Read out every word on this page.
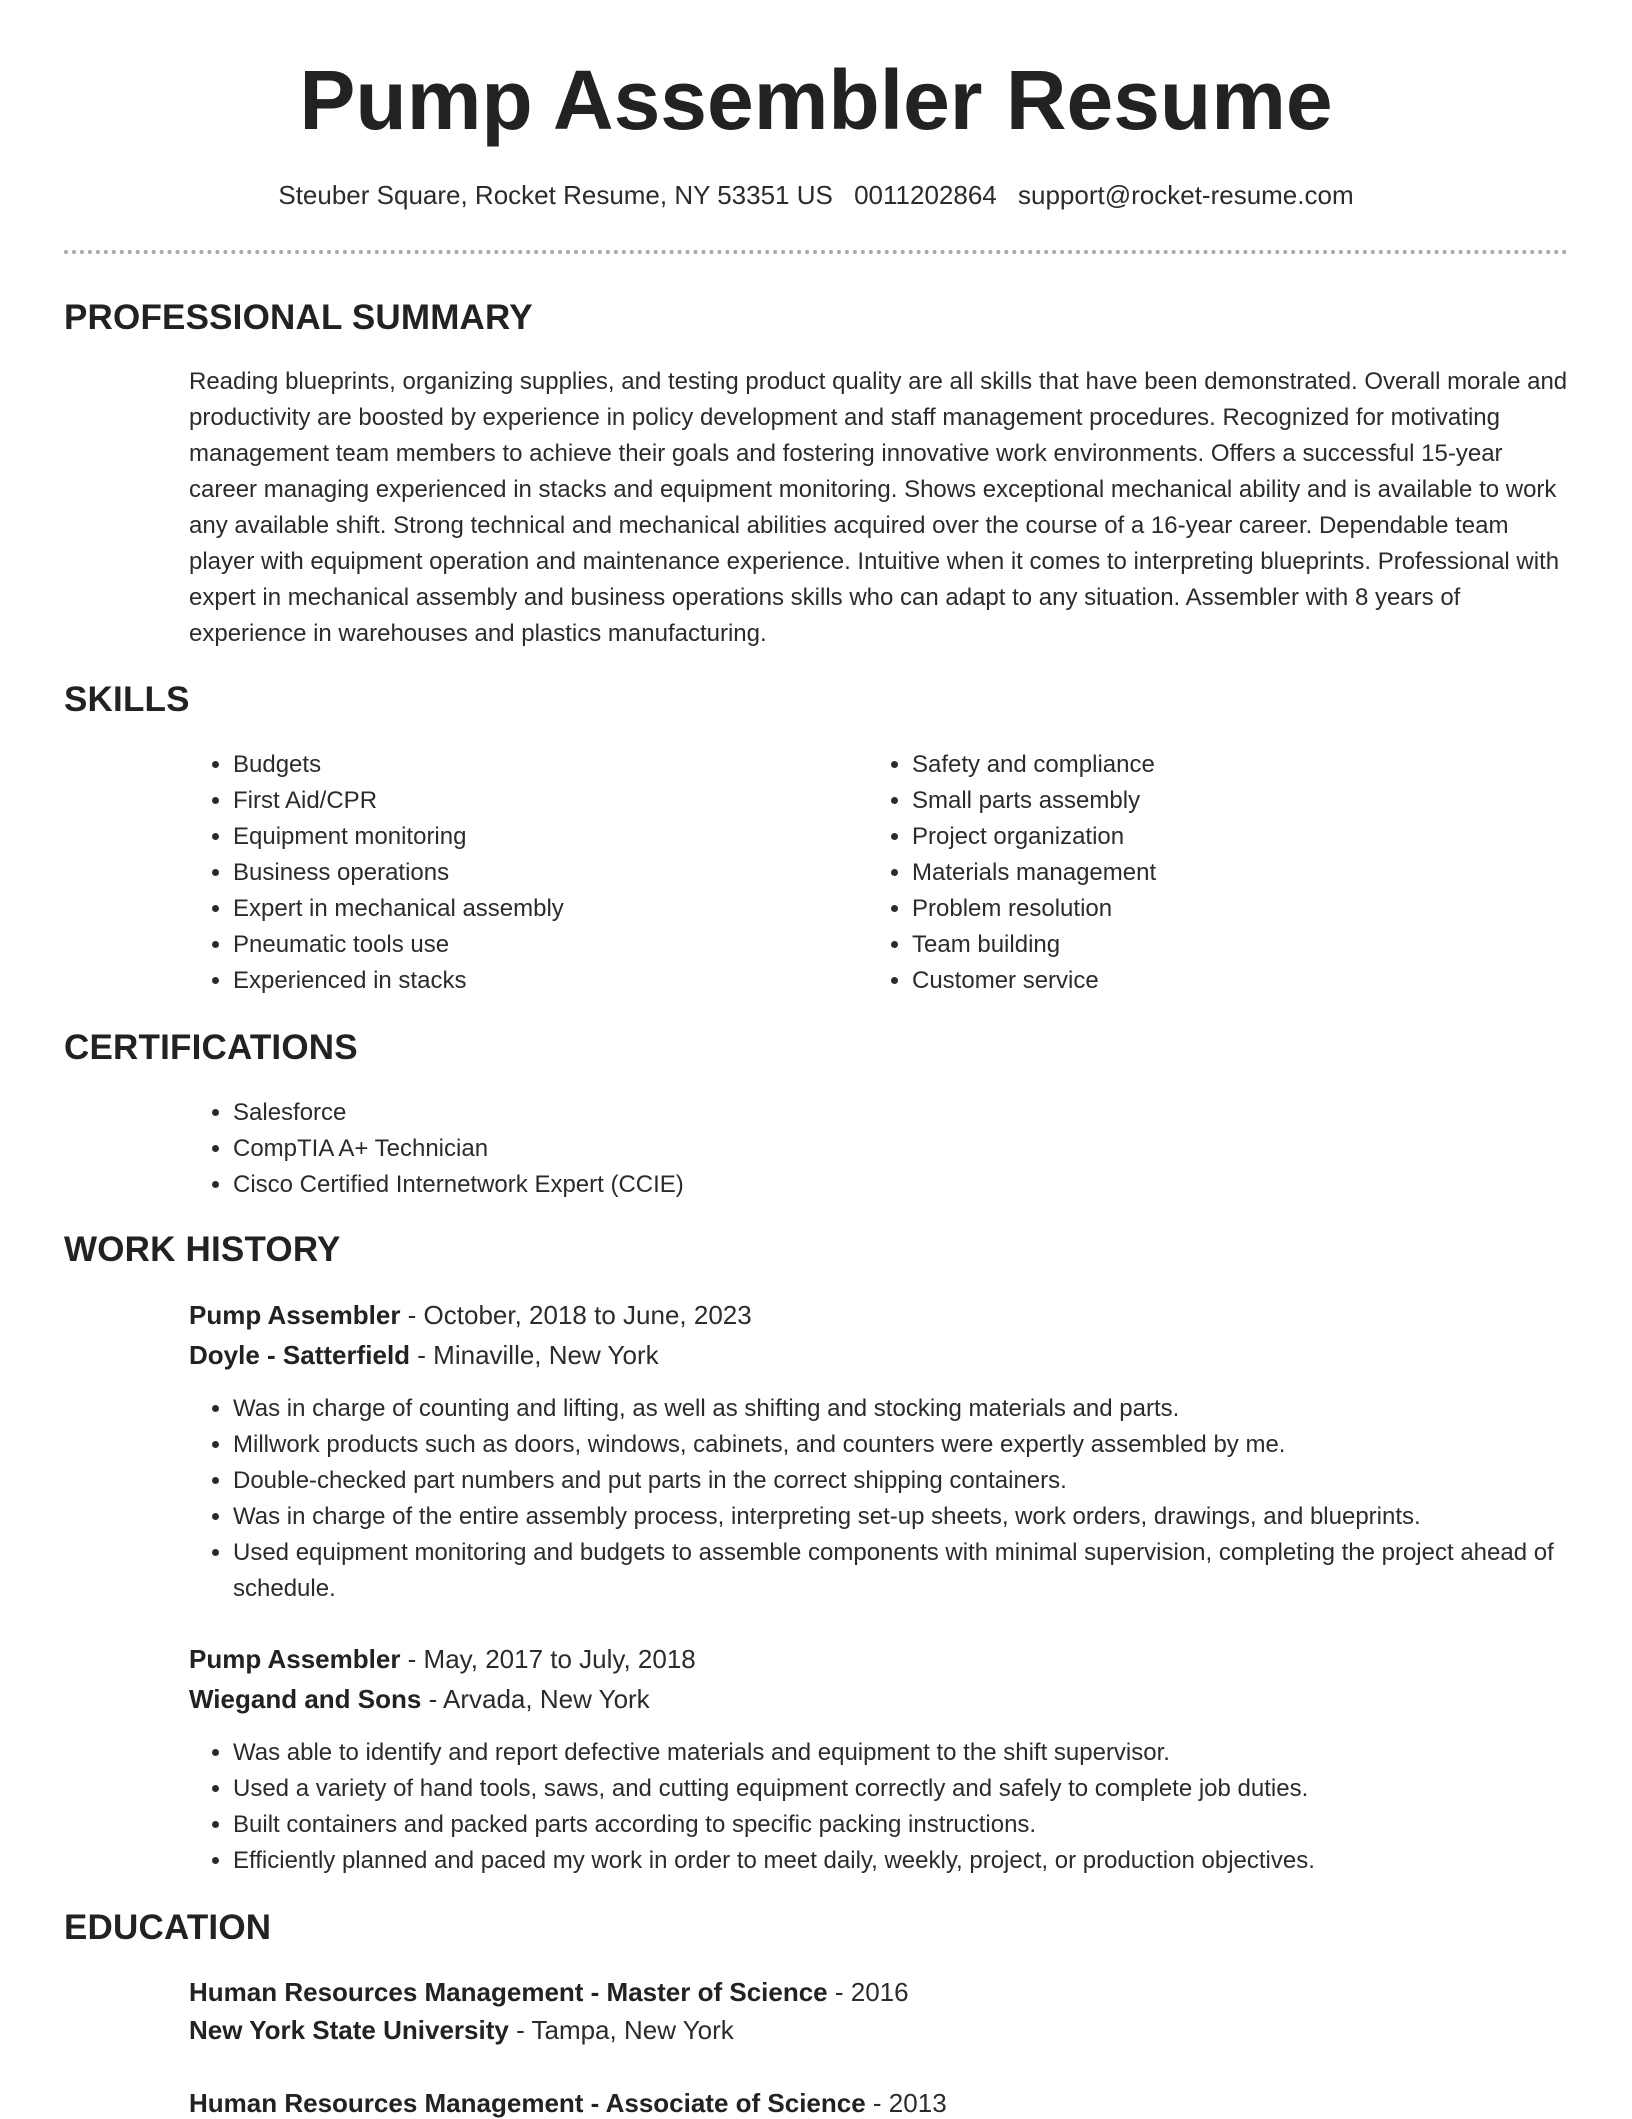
Pump Assembler Resume
Steuber Square, Rocket Resume, NY 53351 US 0011202864 support@rocket-resume.com
PROFESSIONAL SUMMARY

Reading blueprints, organizing supplies, and testing product quality are all skills that have been demonstrated. Overall morale and productivity are boosted by experience in policy development and staff management procedures. Recognized for motivating management team members to achieve their goals and fostering innovative work environments. Offers a successful 15-year career managing experienced in stacks and equipment monitoring. Shows exceptional mechanical ability and is available to work any available shift. Strong technical and mechanical abilities acquired over the course of a 16-year career. Dependable team player with equipment operation and maintenance experience. Intuitive when it comes to interpreting blueprints. Professional with expert in mechanical assembly and business operations skills who can adapt to any situation. Assembler with 8 years of experience in warehouses and plastics manufacturing.

SKILLS
• Budgets
• First Aid/CPR
• Equipment monitoring
• Business operations
• Expert in mechanical assembly
• Pneumatic tools use
• Experienced in stacks
• Safety and compliance
• Small parts assembly
• Project organization
• Materials management
• Problem resolution
• Team building
• Customer service
CERTIFICATIONS
• Salesforce
• CompTIA A+ Technician
• Cisco Certified Internetwork Expert (CCIE)
WORK HISTORY
Pump Assembler - October, 2018 to June, 2023
Doyle - Satterfield - Minaville, New York
• Was in charge of counting and lifting, as well as shifting and stocking materials and parts.
• Millwork products such as doors, windows, cabinets, and counters were expertly assembled by me.
• Double-checked part numbers and put parts in the correct shipping containers.
• Was in charge of the entire assembly process, interpreting set-up sheets, work orders, drawings, and blueprints.
• Used equipment monitoring and budgets to assemble components with minimal supervision, completing the project ahead of schedule.
Pump Assembler - May, 2017 to July, 2018
Wiegand and Sons - Arvada, New York
• Was able to identify and report defective materials and equipment to the shift supervisor.
• Used a variety of hand tools, saws, and cutting equipment correctly and safely to complete job duties.
• Built containers and packed parts according to specific packing instructions.
• Efficiently planned and paced my work in order to meet daily, weekly, project, or production objectives.
EDUCATION
Human Resources Management - Master of Science - 2016
New York State University - Tampa, New York
Human Resources Management - Associate of Science - 2013
